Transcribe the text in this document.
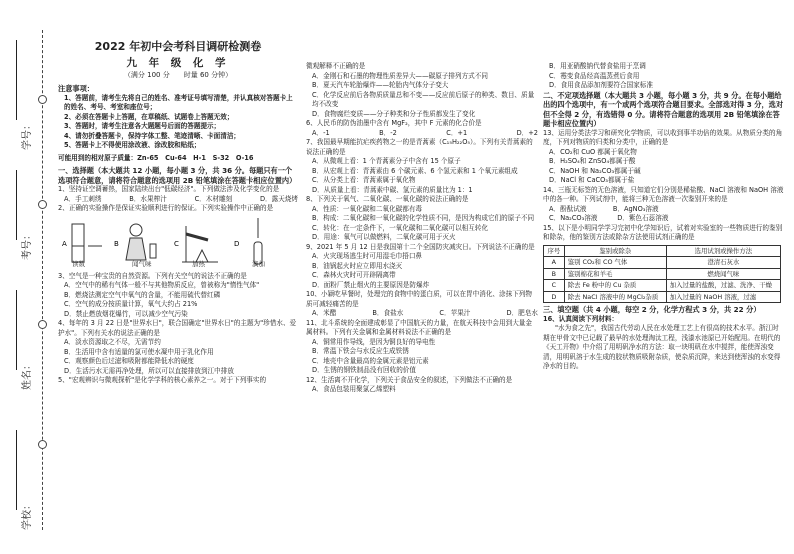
学校：
姓名：
考号：
学号：
2022 年初中会考科目调研检测卷
九 年 级 化 学
（满分 100 分　　时量 60 分钟）

注意事项：

1、答题前，请考生先将自己的姓名、准考证号填写清楚，并认真核对答题卡上的姓名、考号、考室和座位号；

2、必须在答题卡上答题，在草稿纸、试题卷上答题无效；

3、答题时，请考生注意各大题题号后面的答题提示；

4、请勿折叠答题卡，保持字体工整、笔迹清晰、卡面清洁；

5、答题卡上不得使用涂改液、涂改胶和贴纸；

可能用到的相对原子质量：Zn-65　Cu-64　H-1　S-32　O-16

一、选择题（本大题共 12 小题，每小题 3 分，共 36 分。每题只有一个选项符合题意，请将符合题意的选项用 2B 铅笔填涂在答题卡相应位置内）

1、坚持证空调蓄热，国家陆续出台"低碳经济"。下列做法涉及化学变化的是

A．手工刺绣	B．水果榨汁	C．木材雕刻	D．露天烧烤

2、正确的实验操作是保证实验顺利进行的保证。下列实验操作中正确的是

A	B	C	D
读数	闻气味	加热	滴加

3、空气是一种宝贵的自然资源。下列有关空气的说法不正确的是

A．空气中的稀有气体一般不与其他物质反应，曾被称为"惰性气体"

B．燃烧法测定空气中氧气的含量，不能用硫代替红磷

C．空气的成分按质量计算，氧气大约占 21%

D．禁止燃放烟花爆竹，可以减少空气污染

4、每年的 3 月 22 日是"世界水日"，联合国确定"世界水日"的主题为"珍惜水、爱护水"。下列有关水的说法正确的是

A．淡水资源取之不尽，无需节约

B．生活用中含有适量的氯可使水凝中用于乳化作用

C．观察颜色后过滤和吸附都能降低水的硬度

D．生活污水无需再净处理，所以可以直接排放到江中排放

5、"宏观辨识与微观探析"是化学学科的核心素养之一。对于下列事实的

微观解释不正确的是

A．金刚石和石墨的物理性质差异大——碳原子排列方式不同

B．夏天汽车轮胎爆炸——轮胎内气体分子变大

C．化学反应前后各物质质量总和不变——反应前后原子的种类、数目、质量均不改变

D．食物腐烂变质——分子种类和分子性质都发生了变化

6、人民币的防伪油墨中含有 MgF₂，其中 F 元素的化合价是

A．-1	B．-2	C．+1	D．+2

7、我国最早期能抗疟疾药物之一的是青蒿素（C₁₅H₂₂O₅）。下列有关青蒿素的说法正确的是

A．从微观上看：1 个青蒿素分子中含有 15 个原子

B．从宏观上看：青蒿素由 6 个碳元素、6 个氢元素和 1 个氧元素组成

C．从分类上看：青蒿素属于氧化物

D．从质量上看：青蒿素中碳、氢元素的质量比为 1：1

8、下列关于氧气、二氧化碳、一氧化碳的说法正确的是

A．性质：一氧化碳和二氧化碳都有毒

B．构成：二氧化碳和一氧化碳的化学性质不同，是因为构成它们的原子不同

C．转化：在一定条件下，一氧化碳和二氧化碳可以相互转化

D．用途：氧气可以做燃料，二氧化碳可用于灭火

9、2021 年 5 月 12 日是我国第十二个全国防灾减灾日。下列说法不正确的是

A．火灾现场逃生时可用湿毛巾捂口鼻

B．油锅起火时应立即用水浇灭

C．森林火灾时可开辟隔离带

D．面粉厂禁止烟火的主要原因是防爆炸

10、小颖吃早餐时，处理完的食物中的蛋白质，可以在胃中消化、涂抹下列物质可减轻痛苦的是

A．米醋	B．食盐水	C．苹果汁	D．肥皂水

11、北斗系统的全面建成彰显了中国航天的力量，在航天科技中会用到大量金属材料。下列有关金属和金属材料说法不正确的是

A．铜常用作导线，是因为铜良好的导电性

B．常温下铁会与水反应生成铁锈

C．地壳中含量最高的金属元素是铝元素

D．生锈的钢铁制品没有回收的价值

12、生活离不开化学，下列关于食品安全的叙述，下列做法不正确的是

A．食品包装用聚氯乙烯塑料

B．用亚硝酸钠代替食盐用于烹调

C．霉变食品经高温蒸煮后食用

D．食用食品添加剂要符合国家标准

二、不定项选择题（本大题共 3 小题，每小题 3 分，共 9 分。在每小题给出的四个选项中，有一个或两个选项符合题目要求。全部选对得 3 分，选对但不全得 2 分，有选错得 0 分。请将符合题意的选项用 2B 铅笔填涂在答题卡相应位置内）

13、运用分类法学习和研究化学物质，可以收到事半功倍的效果。从物质分类的角度，下列对物质的归类和分类中，正确的是

A．CO₂和 CuO 都属于氧化物

B．H₂SO₄和 ZnSO₄都属于酸

C．NaOH 和 Na₂CO₃都属于碱

D．NaCl 和 CaCO₃都属于盐

14、三瓶无标签的无色溶液，只知道它们分别是稀盐酸、NaCl 溶液和 NaOH 溶液中的各一种。下列试剂中，能将三种无色溶液一次鉴别开来的是

A．酚酞试液　　　　B．AgNO₃溶液

C．Na₂CO₃溶液　　　D．紫色石蕊溶液

15、以下是小明同学学习完初中化学知识后，试着对实验室的一些物质进行的鉴别和除杂，他的鉴别方法或除杂方法使用试剂正确的是

序号	鉴别或除杂	选用试剂或操作方法
A	鉴别 CO₂和 CO 气体	澄清石灰水
B	鉴别棉花和羊毛	燃烧闻气味
C	除去 Fe 粉中的 Cu 杂质	加入过量的盐酸，过滤、洗净、干燥
D	除去 NaCl 溶液中的 MgCl₂杂质	加入过量的 NaOH 溶液，过滤

三、填空题（共 4 小题，每空 2 分，化学方程式 3 分，共 22 分）

16、认真阅读下列材料：

"水为食之先"，我国古代劳动人民在水处理工艺上有很高的技术水平。浙江时期在甲骨文中已记载了最早的水处理淘汰工程，浅漆水池原已开始配用。在明代的《天工开物》中介绍了用明矾净水的方法：取一块明矾在水中搅拌，能使浑浊变清，用明矾溶于水生成的胶状物质吸附杂质，使杂质沉降，来达到使浑浊的水变得净水的目的。
